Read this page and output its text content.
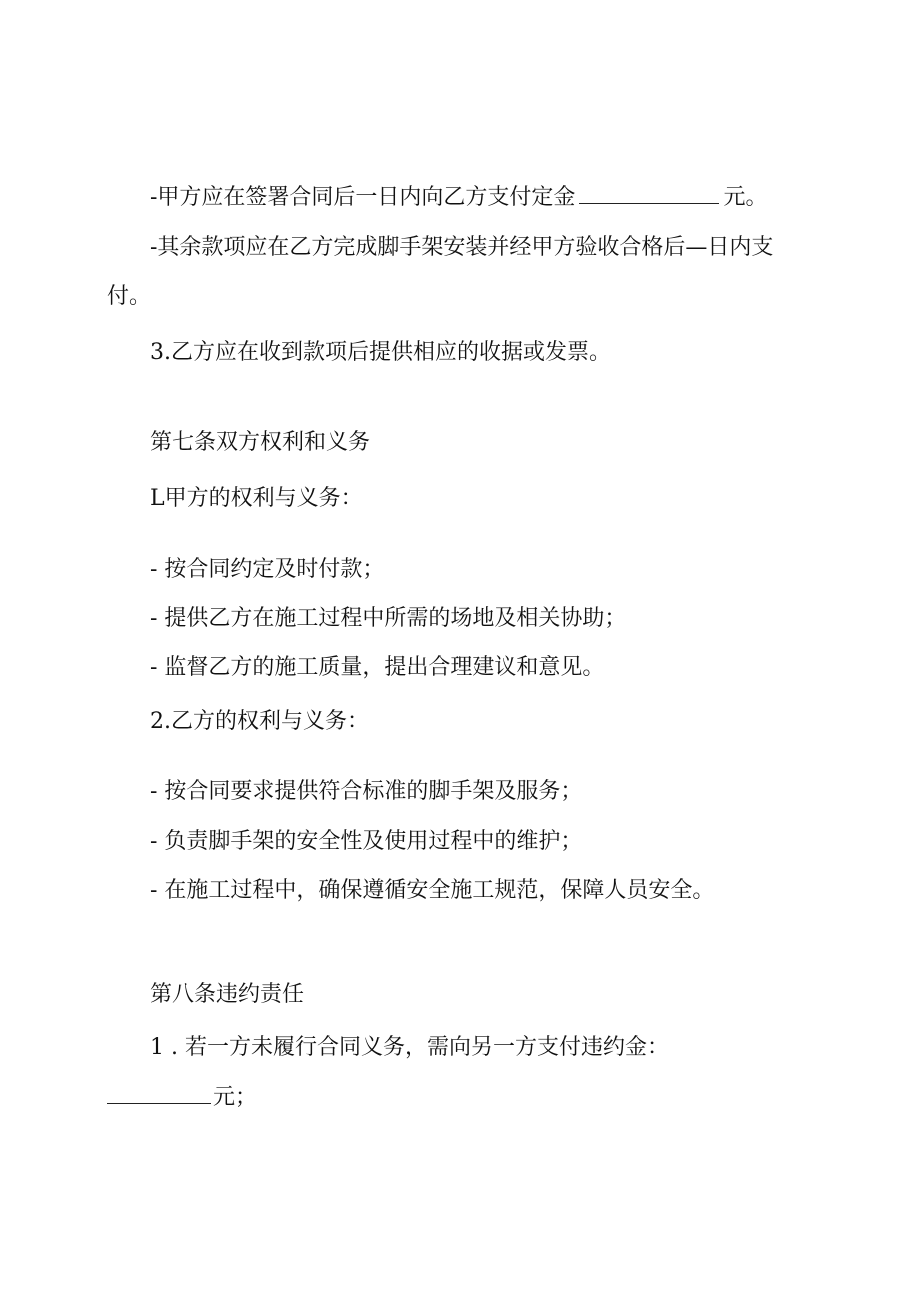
-甲方应在签署合同后一日内向乙方支付定金	元。
-其余款项应在乙方完成脚手架安装并经甲方验收合格后—日内支
付。
3.乙方应在收到款项后提供相应的收据或发票。
第七条双方权利和义务
L甲方的权利与义务：
- 按合同约定及时付款；
- 提供乙方在施工过程中所需的场地及相关协助；
- 监督乙方的施工质量，提出合理建议和意见。
2.乙方的权利与义务：
- 按合同要求提供符合标准的脚手架及服务；
- 负责脚手架的安全性及使用过程中的维护；
- 在施工过程中，确保遵循安全施工规范，保障人员安全。
第八条违约责任
1 . 若一方未履行合同义务，需向另一方支付违约金：
元；
